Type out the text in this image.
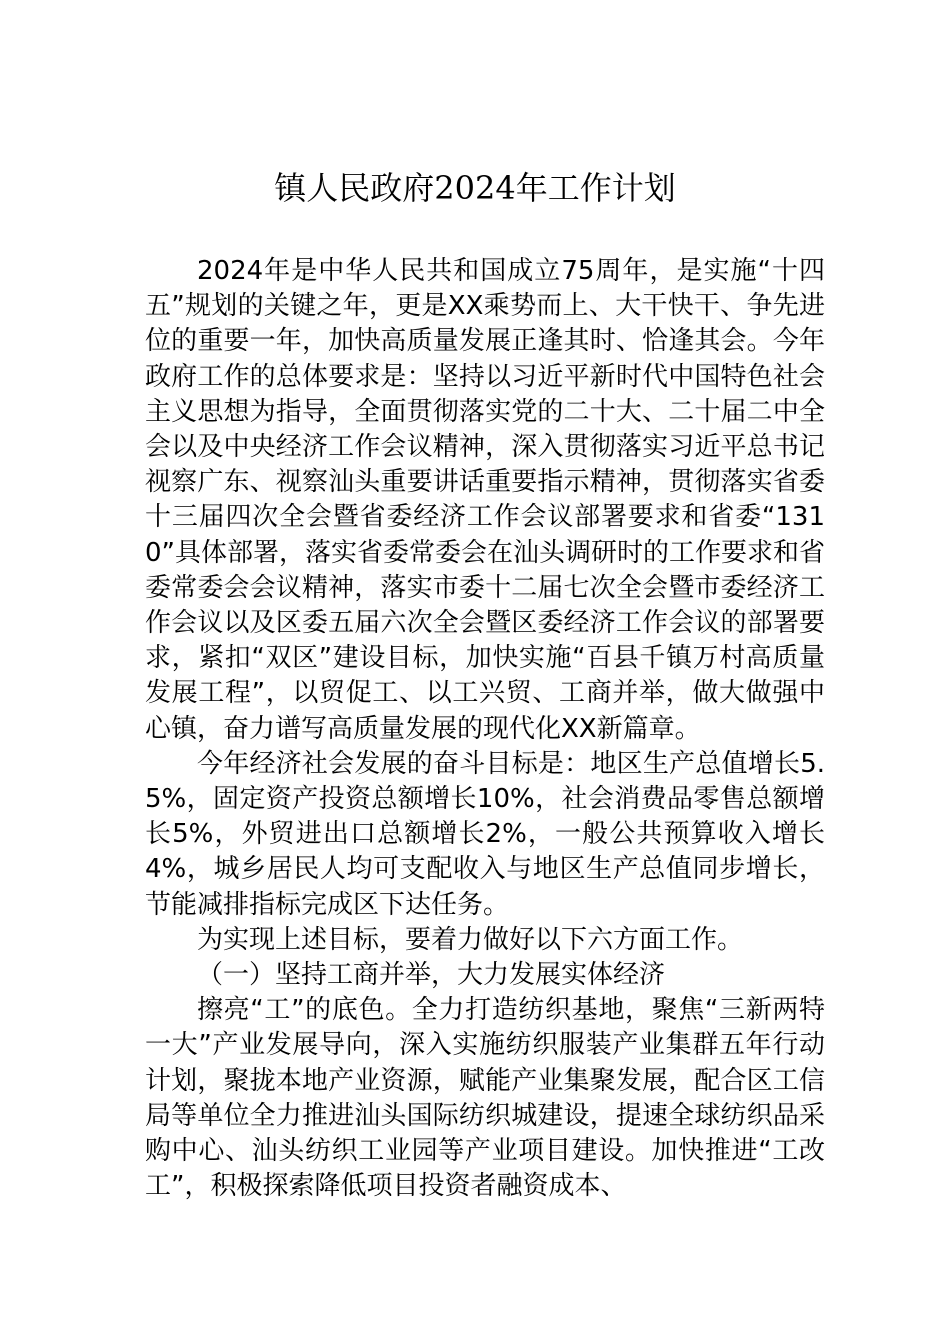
镇人民政府2024年工作计划

2024年是中华人民共和国成立75周年，是实施“十四五”规划的关键之年，更是XX乘势而上、大干快干、争先进位的重要一年，加快高质量发展正逢其时、恰逢其会。今年政府工作的总体要求是：坚持以习近平新时代中国特色社会主义思想为指导，全面贯彻落实党的二十大、二十届二中全会以及中央经济工作会议精神，深入贯彻落实习近平总书记视察广东、视察汕头重要讲话重要指示精神，贯彻落实省委十三届四次全会暨省委经济工作会议部署要求和省委“1310”具体部署，落实省委常委会在汕头调研时的工作要求和省委常委会会议精神，落实市委十二届七次全会暨市委经济工作会议以及区委五届六次全会暨区委经济工作会议的部署要求，紧扣“双区”建设目标，加快实施“百县千镇万村高质量发展工程”，以贸促工、以工兴贸、工商并举，做大做强中心镇，奋力谱写高质量发展的现代化XX新篇章。

今年经济社会发展的奋斗目标是：地区生产总值增长5.5%，固定资产投资总额增长10%，社会消费品零售总额增长5%，外贸进出口总额增长2%，一般公共预算收入增长4%，城乡居民人均可支配收入与地区生产总值同步增长，节能减排指标完成区下达任务。

为实现上述目标，要着力做好以下六方面工作。

（一）坚持工商并举，大力发展实体经济

擦亮“工”的底色。全力打造纺织基地，聚焦“三新两特一大”产业发展导向，深入实施纺织服装产业集群五年行动计划，聚拢本地产业资源，赋能产业集聚发展，配合区工信局等单位全力推进汕头国际纺织城建设，提速全球纺织品采购中心、汕头纺织工业园等产业项目建设。加快推进“工改工”，积极探索降低项目投资者融资成本、
